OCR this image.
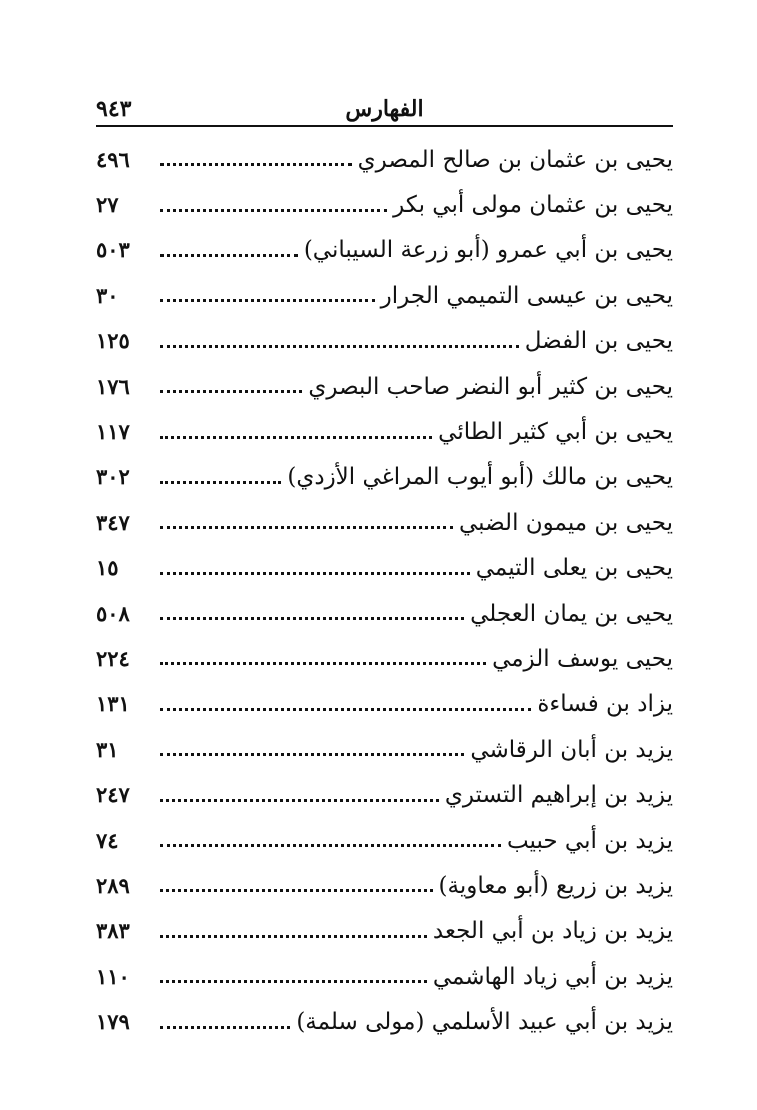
الفهارس
٩٤٣
يحيى بن عثمان بن صالح المصري
٤٩٦
يحيى بن عثمان مولى أبي بكر
٢٧
يحيى بن أبي عمرو (أبو زرعة السيباني)
٥٠٣
يحيى بن عيسى التميمي الجرار
٣٠
يحيى بن الفضل
١٢٥
يحيى بن كثير أبو النضر صاحب البصري
١٧٦
يحيى بن أبي كثير الطائي
١١٧
يحيى بن مالك (أبو أيوب المراغي الأزدي)
٣٠٢
يحيى بن ميمون الضبي
٣٤٧
يحيى بن يعلى التيمي
١٥
يحيى بن يمان العجلي
٥٠٨
يحيى يوسف الزمي
٢٢٤
يزاد بن فساءة
١٣١
يزيد بن أبان الرقاشي
٣١
يزيد بن إبراهيم التستري
٢٤٧
يزيد بن أبي حبيب
٧٤
يزيد بن زريع (أبو معاوية)
٢٨٩
يزيد بن زياد بن أبي الجعد
٣٨٣
يزيد بن أبي زياد الهاشمي
١١٠
يزيد بن أبي عبيد الأسلمي (مولى سلمة)
١٧٩
